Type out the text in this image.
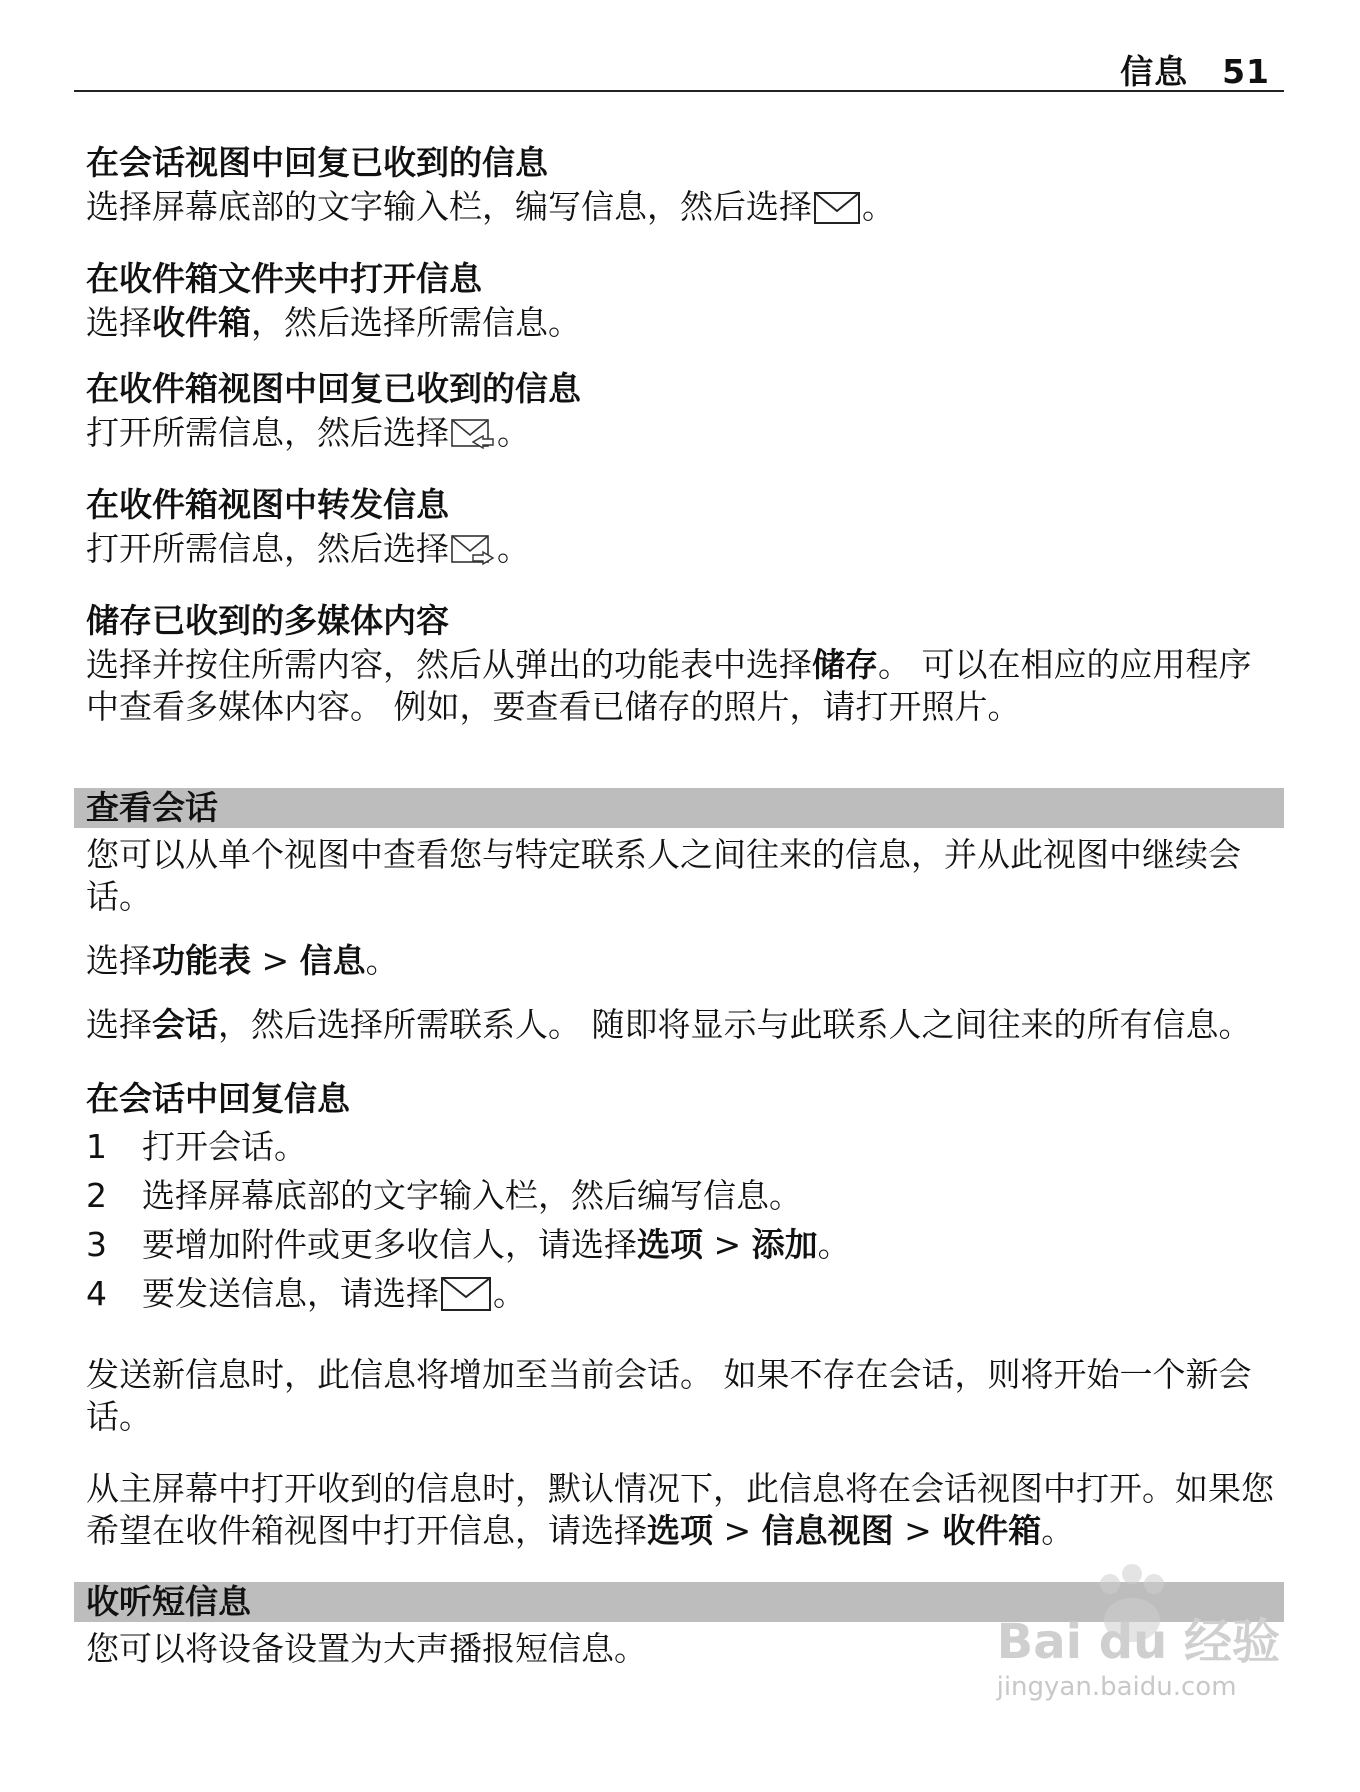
信息 51

在会话视图中回复已收到的信息

选择屏幕底部的文字输入栏，编写信息，然后选择 。

在收件箱文件夹中打开信息

选择收件箱，然后选择所需信息。

在收件箱视图中回复已收到的信息

打开所需信息，然后选择 。

在收件箱视图中转发信息

打开所需信息，然后选择 。

储存已收到的多媒体内容

选择并按住所需内容，然后从弹出的功能表中选择储存。 可以在相应的应用程序中查看多媒体内容。 例如，要查看已储存的照片，请打开照片。

查看会话

您可以从单个视图中查看您与特定联系人之间往来的信息，并从此视图中继续会话。

选择功能表 > 信息。

选择会话，然后选择所需联系人。 随即将显示与此联系人之间往来的所有信息。

在会话中回复信息

1	打开会话。
2	选择屏幕底部的文字输入栏，然后编写信息。
3	要增加附件或更多收信人，请选择选项 > 添加。
4	要发送信息，请选择 。

发送新信息时，此信息将增加至当前会话。 如果不存在会话，则将开始一个新会话。

从主屏幕中打开收到的信息时，默认情况下，此信息将在会话视图中打开。如果您希望在收件箱视图中打开信息，请选择选项 > 信息视图 > 收件箱。

收听短信息

您可以将设备设置为大声播报短信息。	Bai du 经验
jingyan.baidu.com
